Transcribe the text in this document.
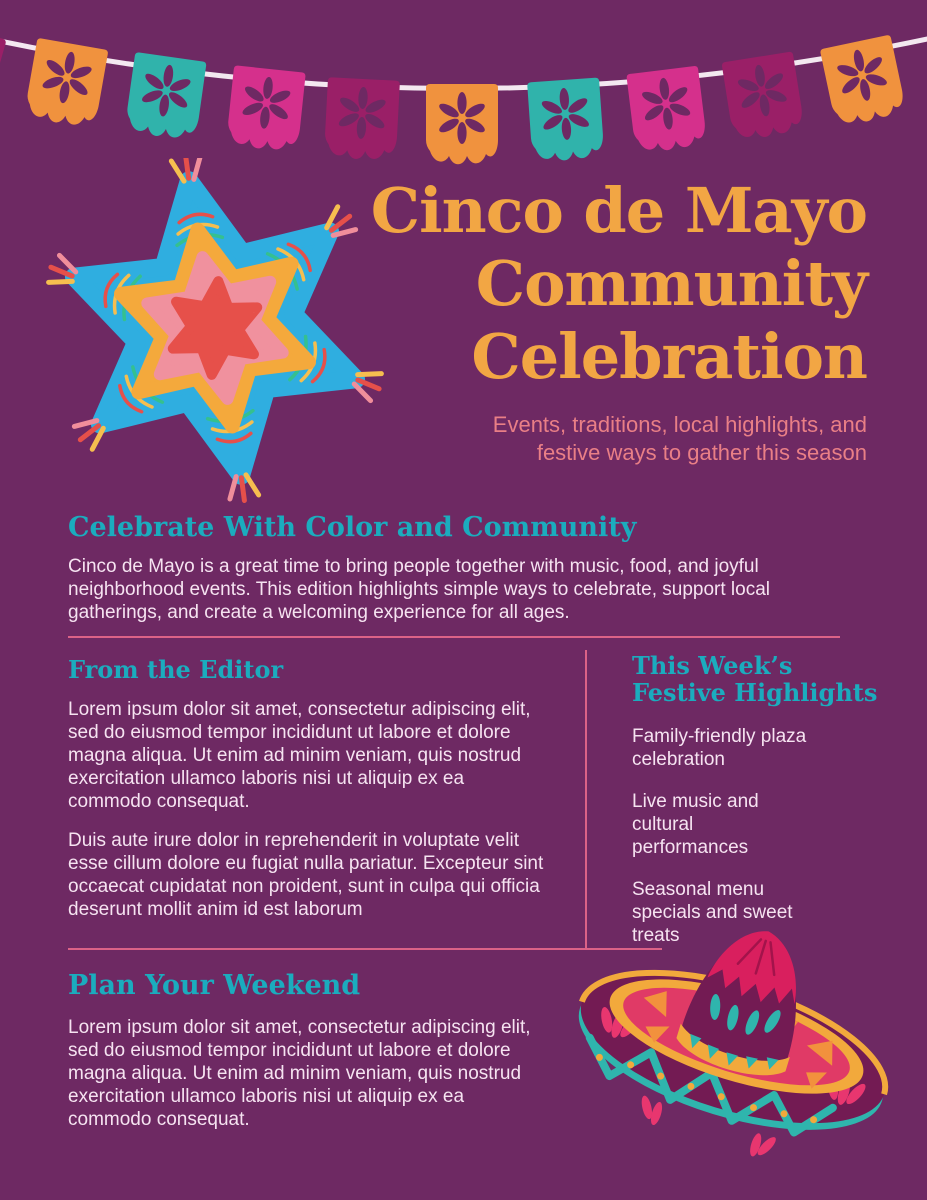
Cinco de Mayo
Community
Celebration

Events, traditions, local highlights, and festive ways to gather this season

Celebrate With Color and Community

Cinco de Mayo is a great time to bring people together with music, food, and joyful neighborhood events. This edition highlights simple ways to celebrate, support local gatherings, and create a welcoming experience for all ages.

From the Editor

Lorem ipsum dolor sit amet, consectetur adipiscing elit, sed do eiusmod tempor incididunt ut labore et dolore magna aliqua. Ut enim ad minim veniam, quis nostrud exercitation ullamco laboris nisi ut aliquip ex ea commodo consequat.

Duis aute irure dolor in reprehenderit in voluptate velit esse cillum dolore eu fugiat nulla pariatur. Excepteur sint occaecat cupidatat non proident, sunt in culpa qui officia deserunt mollit anim id est laborum

This Week’s
Festive Highlights

Family-friendly plaza celebration

Live music and cultural performances

Seasonal menu specials and sweet treats

Plan Your Weekend

Lorem ipsum dolor sit amet, consectetur adipiscing elit, sed do eiusmod tempor incididunt ut labore et dolore magna aliqua. Ut enim ad minim veniam, quis nostrud exercitation ullamco laboris nisi ut aliquip ex ea commodo consequat.
